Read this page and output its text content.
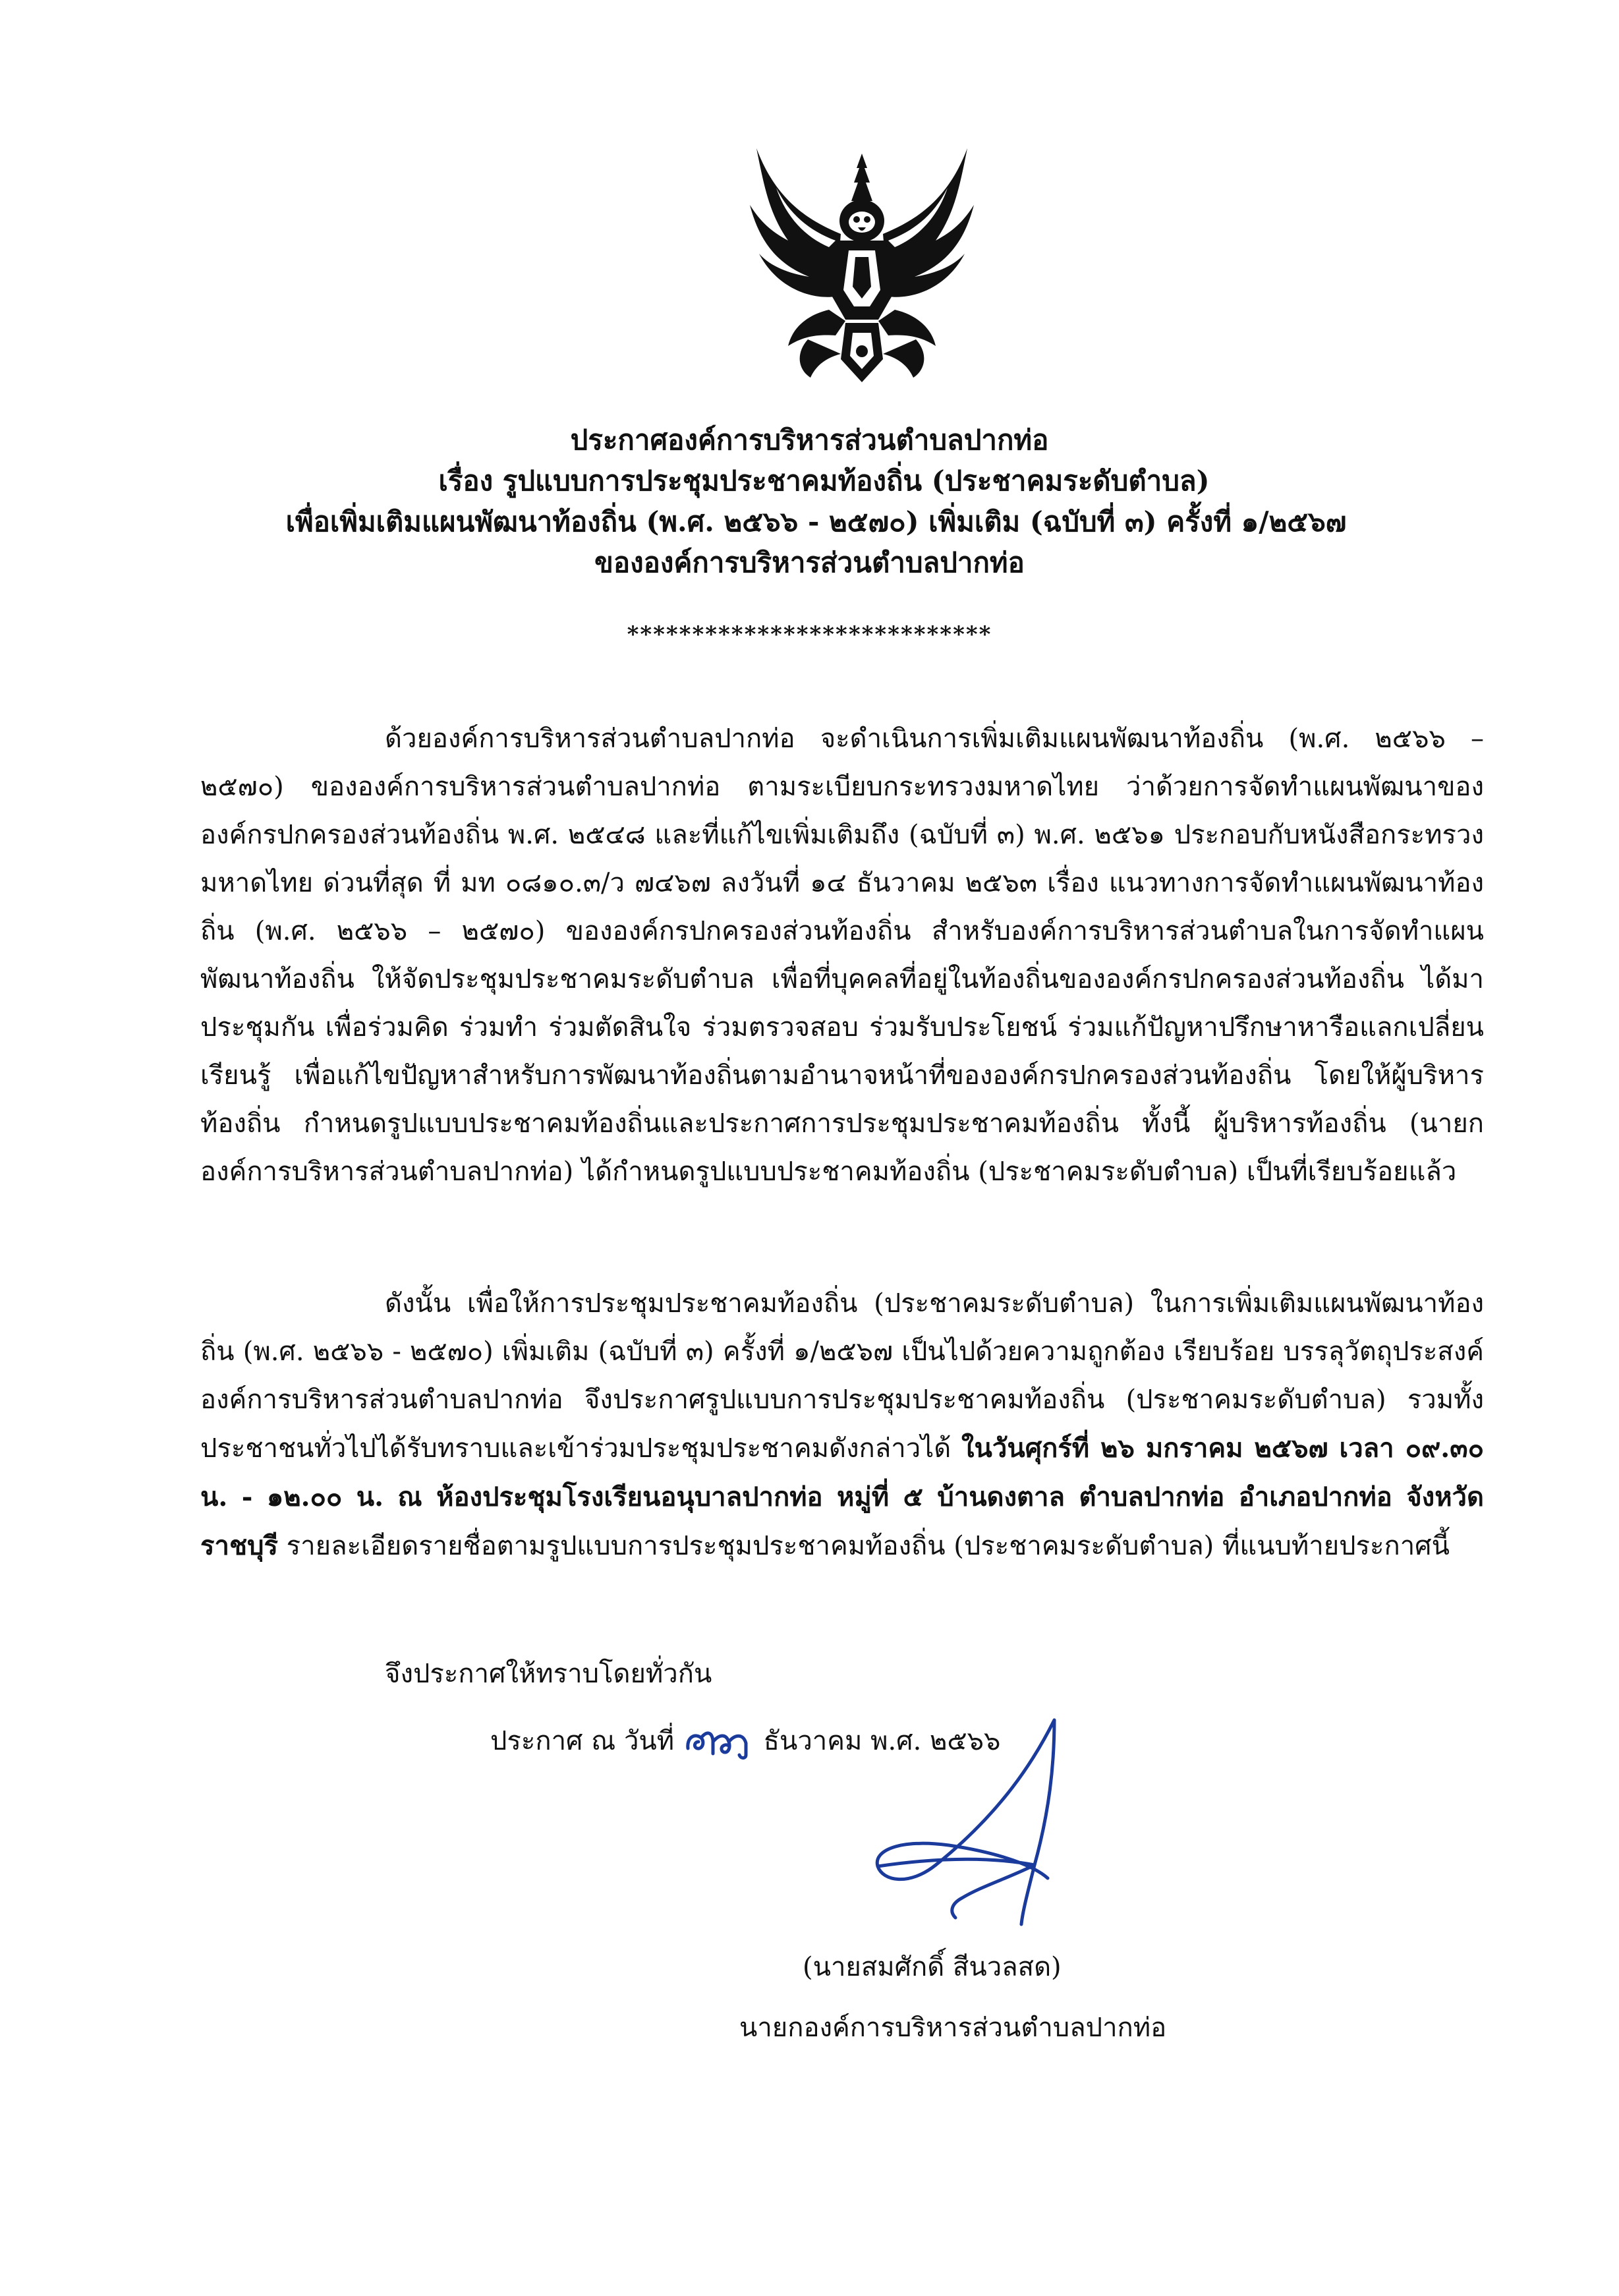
ประกาศองค์การบริหารส่วนตำบลปากท่อ
เรื่อง รูปแบบการประชุมประชาคมท้องถิ่น (ประชาคมระดับตำบล)
เพื่อเพิ่มเติมแผนพัฒนาท้องถิ่น (พ.ศ. ๒๕๖๖ - ๒๕๗๐) เพิ่มเติม (ฉบับที่ ๓) ครั้งที่ ๑/๒๕๖๗
ขององค์การบริหารส่วนตำบลปากท่อ
****************************

ด้วยองค์การบริหารส่วนตำบลปากท่อ จะดำเนินการเพิ่มเติมแผนพัฒนาท้องถิ่น (พ.ศ. ๒๕๖๖ – ๒๕๗๐) ขององค์การบริหารส่วนตำบลปากท่อ ตามระเบียบกระทรวงมหาดไทย ว่าด้วยการจัดทำแผนพัฒนาขององค์กรปกครองส่วนท้องถิ่น พ.ศ. ๒๕๔๘ และที่แก้ไขเพิ่มเติมถึง (ฉบับที่ ๓) พ.ศ. ๒๕๖๑ ประกอบกับหนังสือกระทรวงมหาดไทย ด่วนที่สุด ที่ มท ๐๘๑๐.๓/ว ๗๔๖๗ ลงวันที่ ๑๔ ธันวาคม ๒๕๖๓ เรื่อง แนวทางการจัดทำแผนพัฒนาท้องถิ่น (พ.ศ. ๒๕๖๖ – ๒๕๗๐) ขององค์กรปกครองส่วนท้องถิ่น สำหรับองค์การบริหารส่วนตำบลในการจัดทำแผนพัฒนาท้องถิ่น ให้จัดประชุมประชาคมระดับตำบล เพื่อที่บุคคลที่อยู่ในท้องถิ่นขององค์กรปกครองส่วนท้องถิ่น ได้มาประชุมกัน เพื่อร่วมคิด ร่วมทำ ร่วมตัดสินใจ ร่วมตรวจสอบ ร่วมรับประโยชน์ ร่วมแก้ปัญหาปรึกษาหารือแลกเปลี่ยนเรียนรู้ เพื่อแก้ไขปัญหาสำหรับการพัฒนาท้องถิ่นตามอำนาจหน้าที่ขององค์กรปกครองส่วนท้องถิ่น โดยให้ผู้บริหารท้องถิ่น กำหนดรูปแบบประชาคมท้องถิ่นและประกาศการประชุมประชาคมท้องถิ่น ทั้งนี้ ผู้บริหารท้องถิ่น (นายกองค์การบริหารส่วนตำบลปากท่อ) ได้กำหนดรูปแบบประชาคมท้องถิ่น (ประชาคมระดับตำบล) เป็นที่เรียบร้อยแล้ว

ดังนั้น เพื่อให้การประชุมประชาคมท้องถิ่น (ประชาคมระดับตำบล) ในการเพิ่มเติมแผนพัฒนาท้องถิ่น (พ.ศ. ๒๕๖๖ - ๒๕๗๐) เพิ่มเติม (ฉบับที่ ๓) ครั้งที่ ๑/๒๕๖๗ เป็นไปด้วยความถูกต้อง เรียบร้อย บรรลุวัตถุประสงค์ องค์การบริหารส่วนตำบลปากท่อ จึงประกาศรูปแบบการประชุมประชาคมท้องถิ่น (ประชาคมระดับตำบล) รวมทั้งประชาชนทั่วไปได้รับทราบและเข้าร่วมประชุมประชาคมดังกล่าวได้ ในวันศุกร์ที่ ๒๖ มกราคม ๒๕๖๗ เวลา ๐๙.๓๐ น. - ๑๒.๐๐ น. ณ ห้องประชุมโรงเรียนอนุบาลปากท่อ หมู่ที่ ๕ บ้านดงตาล ตำบลปากท่อ อำเภอปากท่อ จังหวัดราชบุรี รายละเอียดรายชื่อตามรูปแบบการประชุมประชาคมท้องถิ่น (ประชาคมระดับตำบล) ที่แนบท้ายประกาศนี้

จึงประกาศให้ทราบโดยทั่วกัน
ประกาศ ณ วันที่	ธันวาคม พ.ศ. ๒๕๖๖
(นายสมศักดิ์ สีนวลสด)
นายกองค์การบริหารส่วนตำบลปากท่อ
